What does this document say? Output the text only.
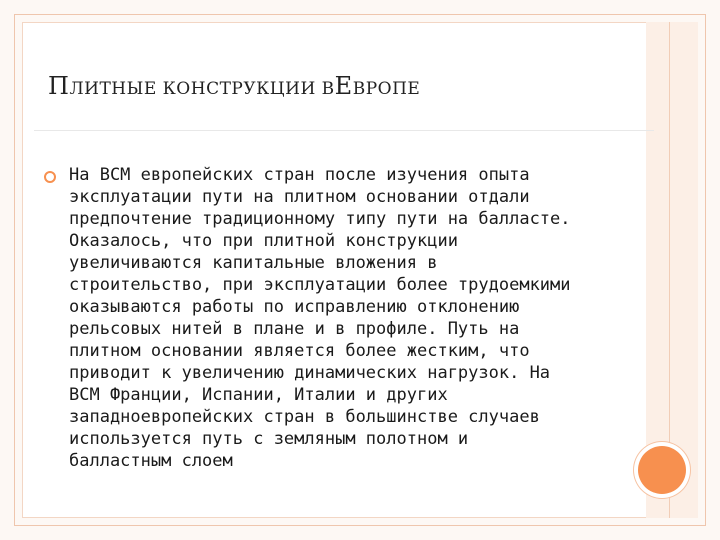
ПЛИТНЫЕ КОНСТРУКЦИИ ВЕВРОПЕ
На ВСМ европейских стран после изучения опыта
эксплуатации пути на плитном основании отдали
предпочтение традиционному типу пути на балласте.
Оказалось, что при плитной конструкции
увеличиваются капитальные вложения в
строительство, при эксплуатации более трудоемкими
оказываются работы по исправлению отклонению
рельсовых нитей в плане и в профиле. Путь на
плитном основании является более жестким, что
приводит к увеличению динамических нагрузок. На
ВСМ Франции, Испании, Италии и других
западноевропейских стран в большинстве случаев
используется путь с земляным полотном и
балластным слоем
